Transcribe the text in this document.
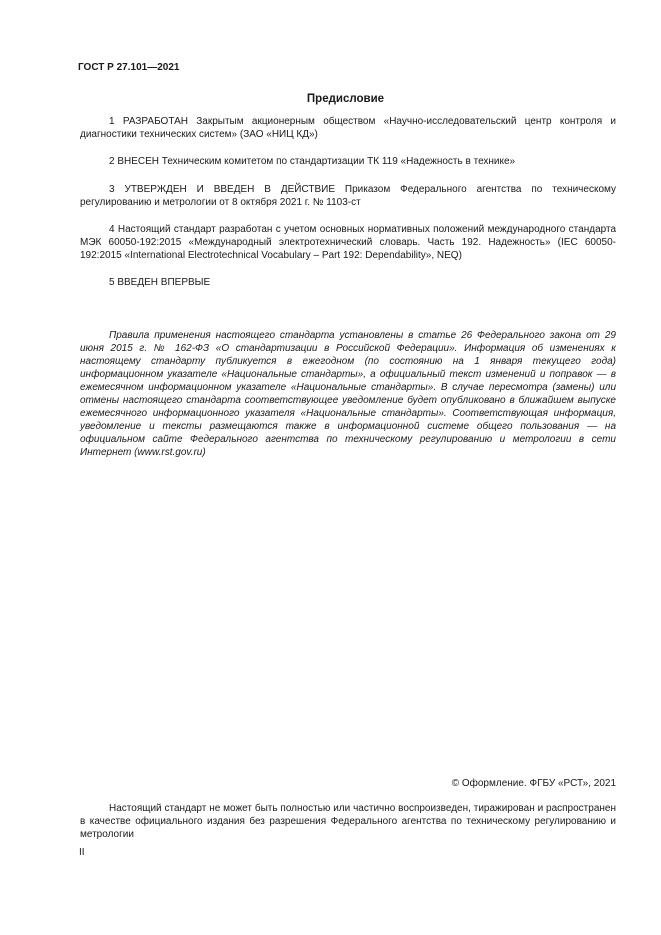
ГОСТ Р 27.101—2021
Предисловие
1 РАЗРАБОТАН Закрытым акционерным обществом «Научно-исследовательский центр контроля и диагностики технических систем» (ЗАО «НИЦ КД»)
2 ВНЕСЕН Техническим комитетом по стандартизации ТК 119 «Надежность в технике»
3 УТВЕРЖДЕН И ВВЕДЕН В ДЕЙСТВИЕ Приказом Федерального агентства по техническому регулированию и метрологии от 8 октября 2021 г. № 1103-ст
4 Настоящий стандарт разработан с учетом основных нормативных положений международного стандарта МЭК 60050-192:2015 «Международный электротехнический словарь. Часть 192. Надежность» (IEC 60050-192:2015 «International Electrotechnical Vocabulary – Part 192: Dependability», NEQ)
5 ВВЕДЕН ВПЕРВЫЕ
Правила применения настоящего стандарта установлены в статье 26 Федерального закона от 29 июня 2015 г. № 162-ФЗ «О стандартизации в Российской Федерации». Информация об изменениях к настоящему стандарту публикуется в ежегодном (по состоянию на 1 января текущего года) информационном указателе «Национальные стандарты», а официальный текст изменений и поправок — в ежемесячном информационном указателе «Национальные стандарты». В случае пересмотра (замены) или отмены настоящего стандарта соответствующее уведомление будет опубликовано в ближайшем выпуске ежемесячного информационного указателя «Национальные стандарты». Соответствующая информация, уведомление и тексты размещаются также в информационной системе общего пользования — на официальном сайте Федерального агентства по техническому регулированию и метрологии в сети Интернет (www.rst.gov.ru)
© Оформление. ФГБУ «РСТ», 2021
Настоящий стандарт не может быть полностью или частично воспроизведен, тиражирован и распространен в качестве официального издания без разрешения Федерального агентства по техническому регулированию и метрологии
II
